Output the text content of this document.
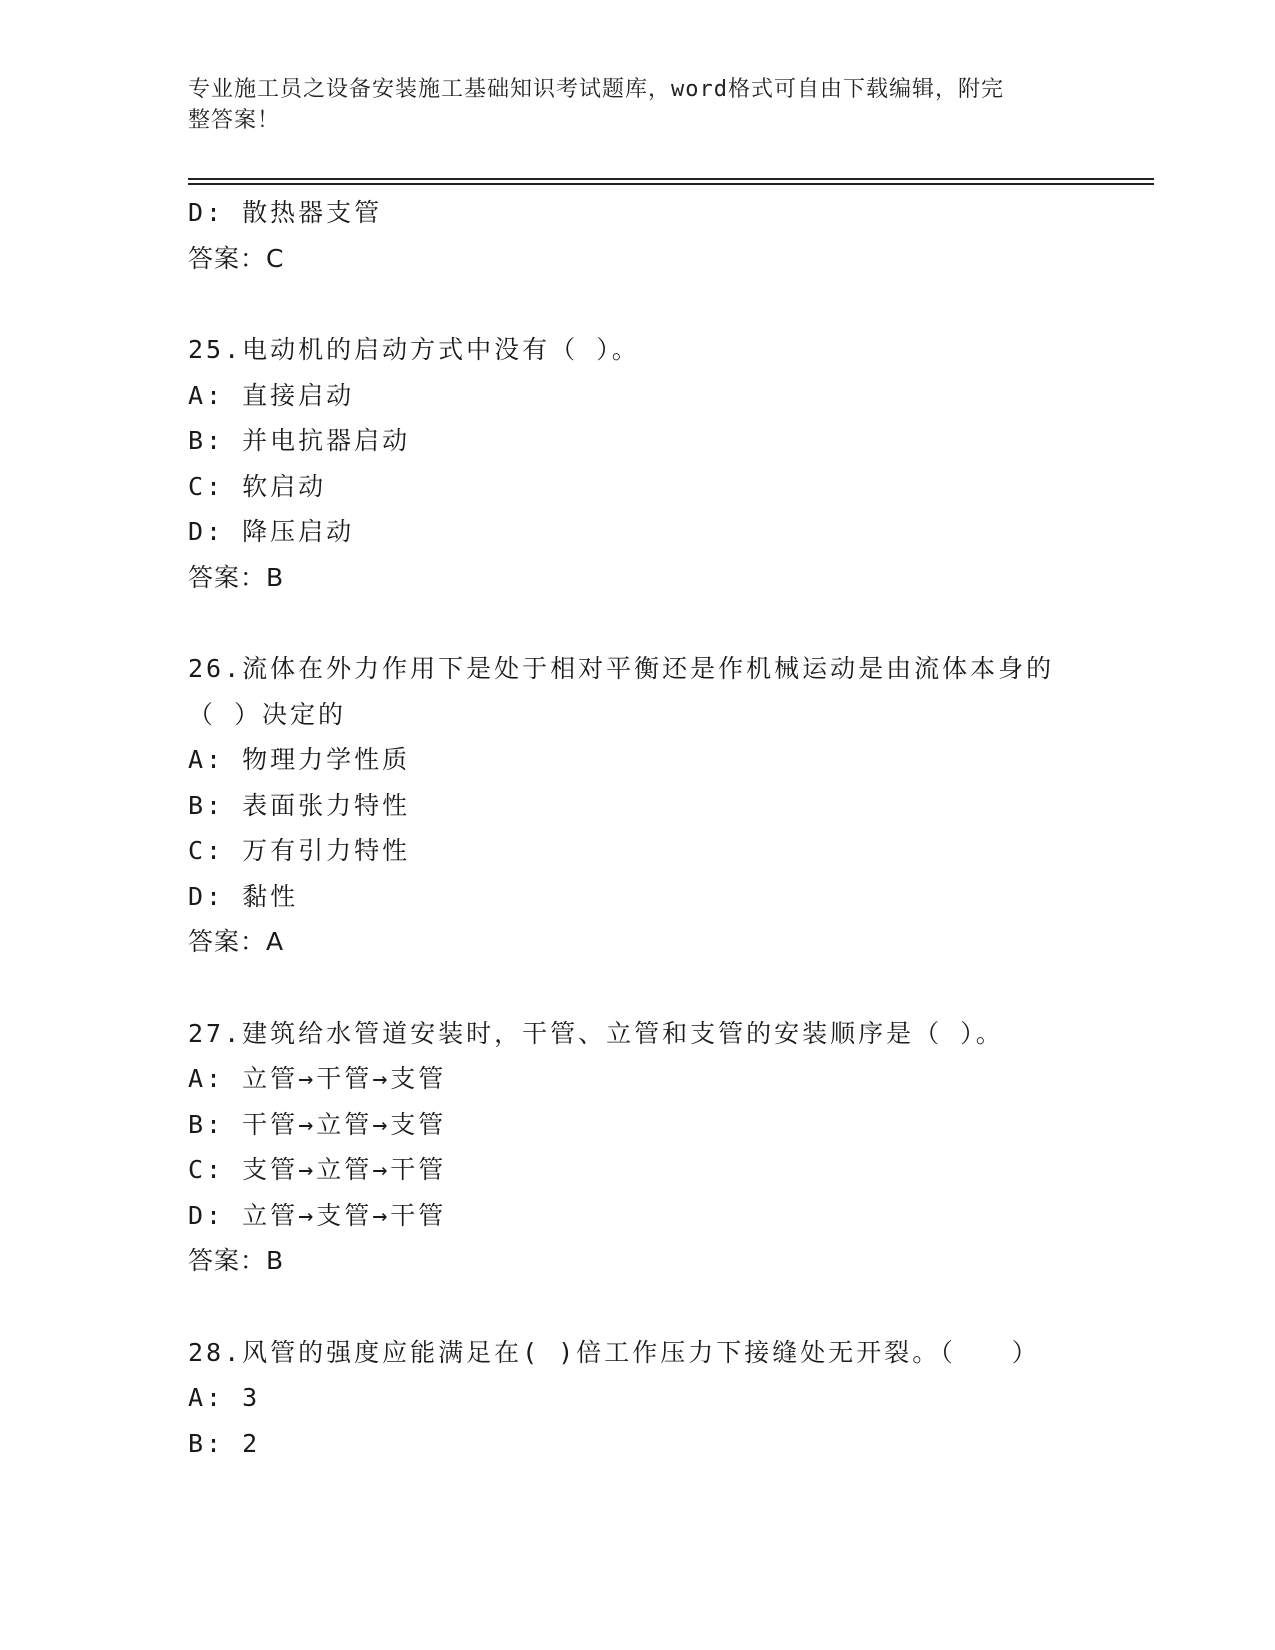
专业施工员之设备安装施工基础知识考试题库，word格式可自由下载编辑，附完
整答案！
D: 散热器支管
答案：C
25.电动机的启动方式中没有（ ）。
A: 直接启动
B: 并电抗器启动
C: 软启动
D: 降压启动
答案：B
26.流体在外力作用下是处于相对平衡还是作机械运动是由流体本身的
（ ）决定的
A: 物理力学性质
B: 表面张力特性
C: 万有引力特性
D: 黏性
答案：A
27.建筑给水管道安装时，干管、立管和支管的安装顺序是（ ）。
A: 立管→干管→支管
B: 干管→立管→支管
C: 支管→立管→干管
D: 立管→支管→干管
答案：B
28.风管的强度应能满足在( )倍工作压力下接缝处无开裂。（　　）
A: 3
B: 2
